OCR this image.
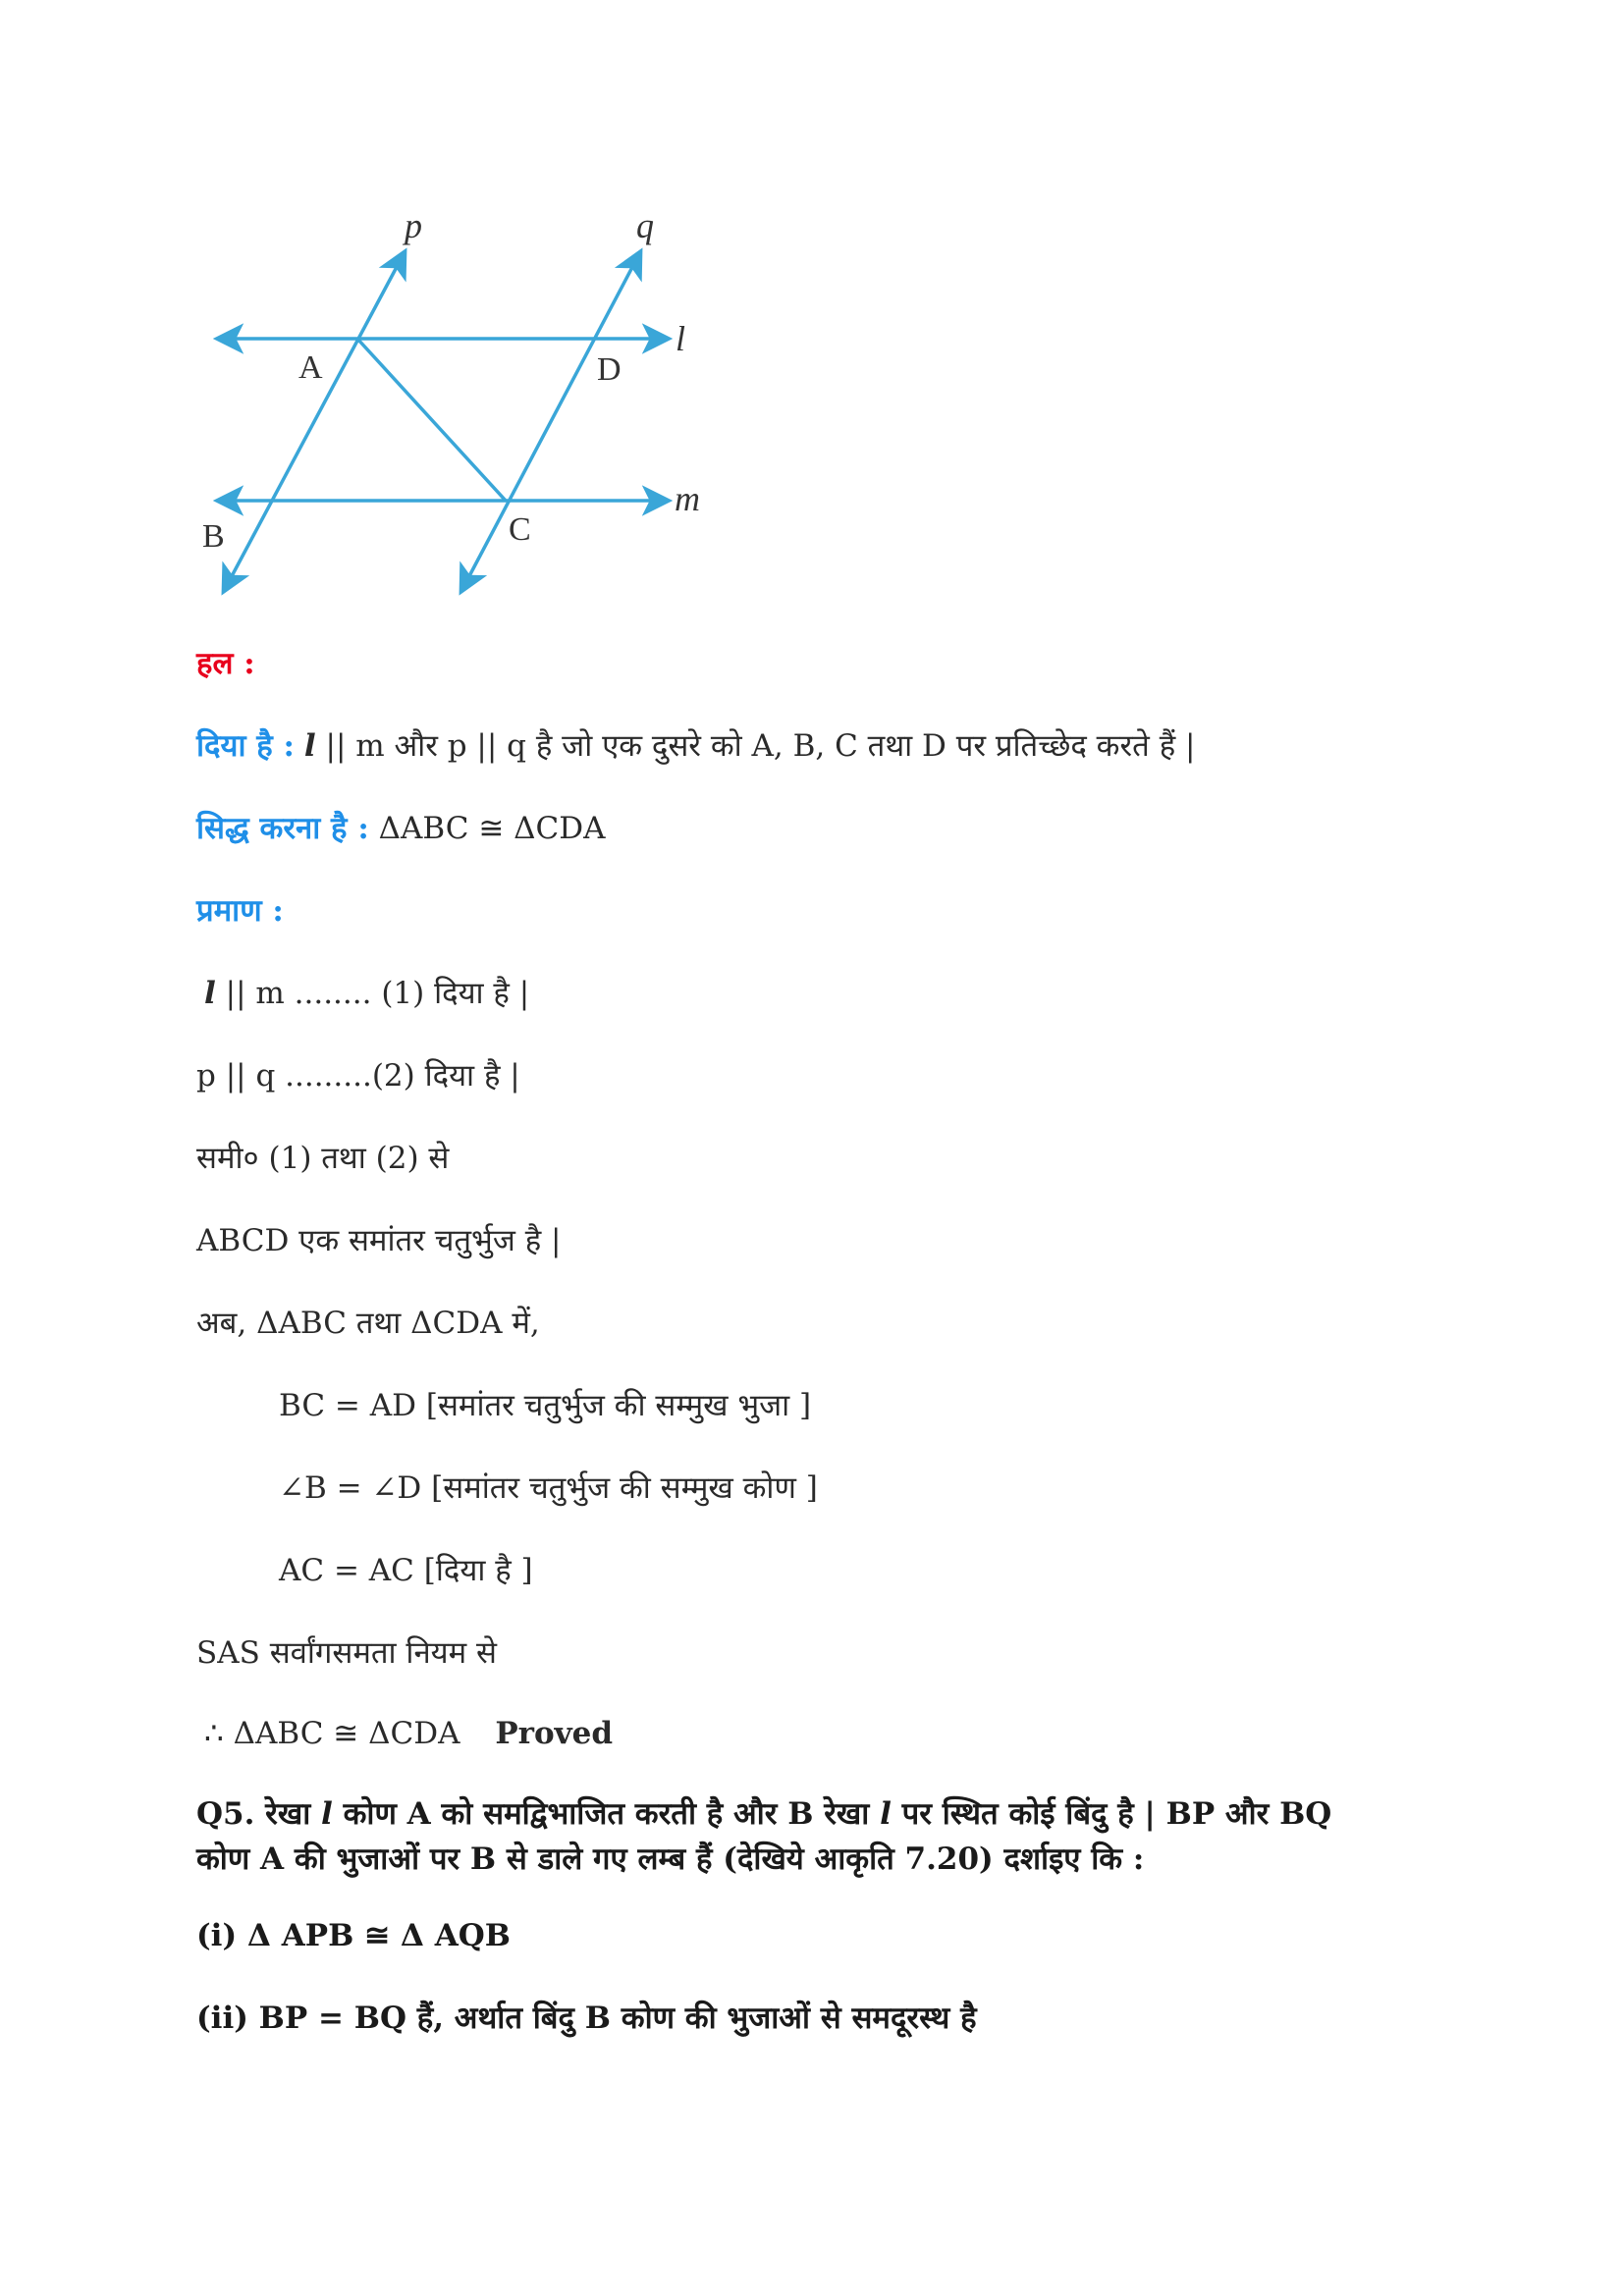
p	q
l
m
A	D
B	C

हल :

दिया है : l || m और p || q है जो एक दुसरे को A, B, C तथा D पर प्रतिच्छेद करते हैं |

सिद्ध करना है : ΔABC ≅ ΔCDA

प्रमाण :

l || m ........ (1) दिया है |

p || q .........(2) दिया है |

समी० (1) तथा (2) से

ABCD एक समांतर चतुर्भुज है |

अब, ΔABC तथा ΔCDA में,

BC = AD [समांतर चतुर्भुज की सम्मुख भुजा ]

∠B = ∠D [समांतर चतुर्भुज की सम्मुख कोण ]

AC = AC [दिया है ]

SAS सर्वांगसमता नियम से

∴ ΔABC ≅ ΔCDA Proved

Q5. रेखा l कोण A को समद्विभाजित करती है और B रेखा l पर स्थित कोई बिंदु है | BP और BQ

कोण A की भुजाओं पर B से डाले गए लम्ब हैं (देखिये आकृति 7.20) दर्शाइए कि :

(i) Δ APB ≅ Δ AQB

(ii) BP = BQ हैं, अर्थात बिंदु B कोण की भुजाओं से समदूरस्थ है
